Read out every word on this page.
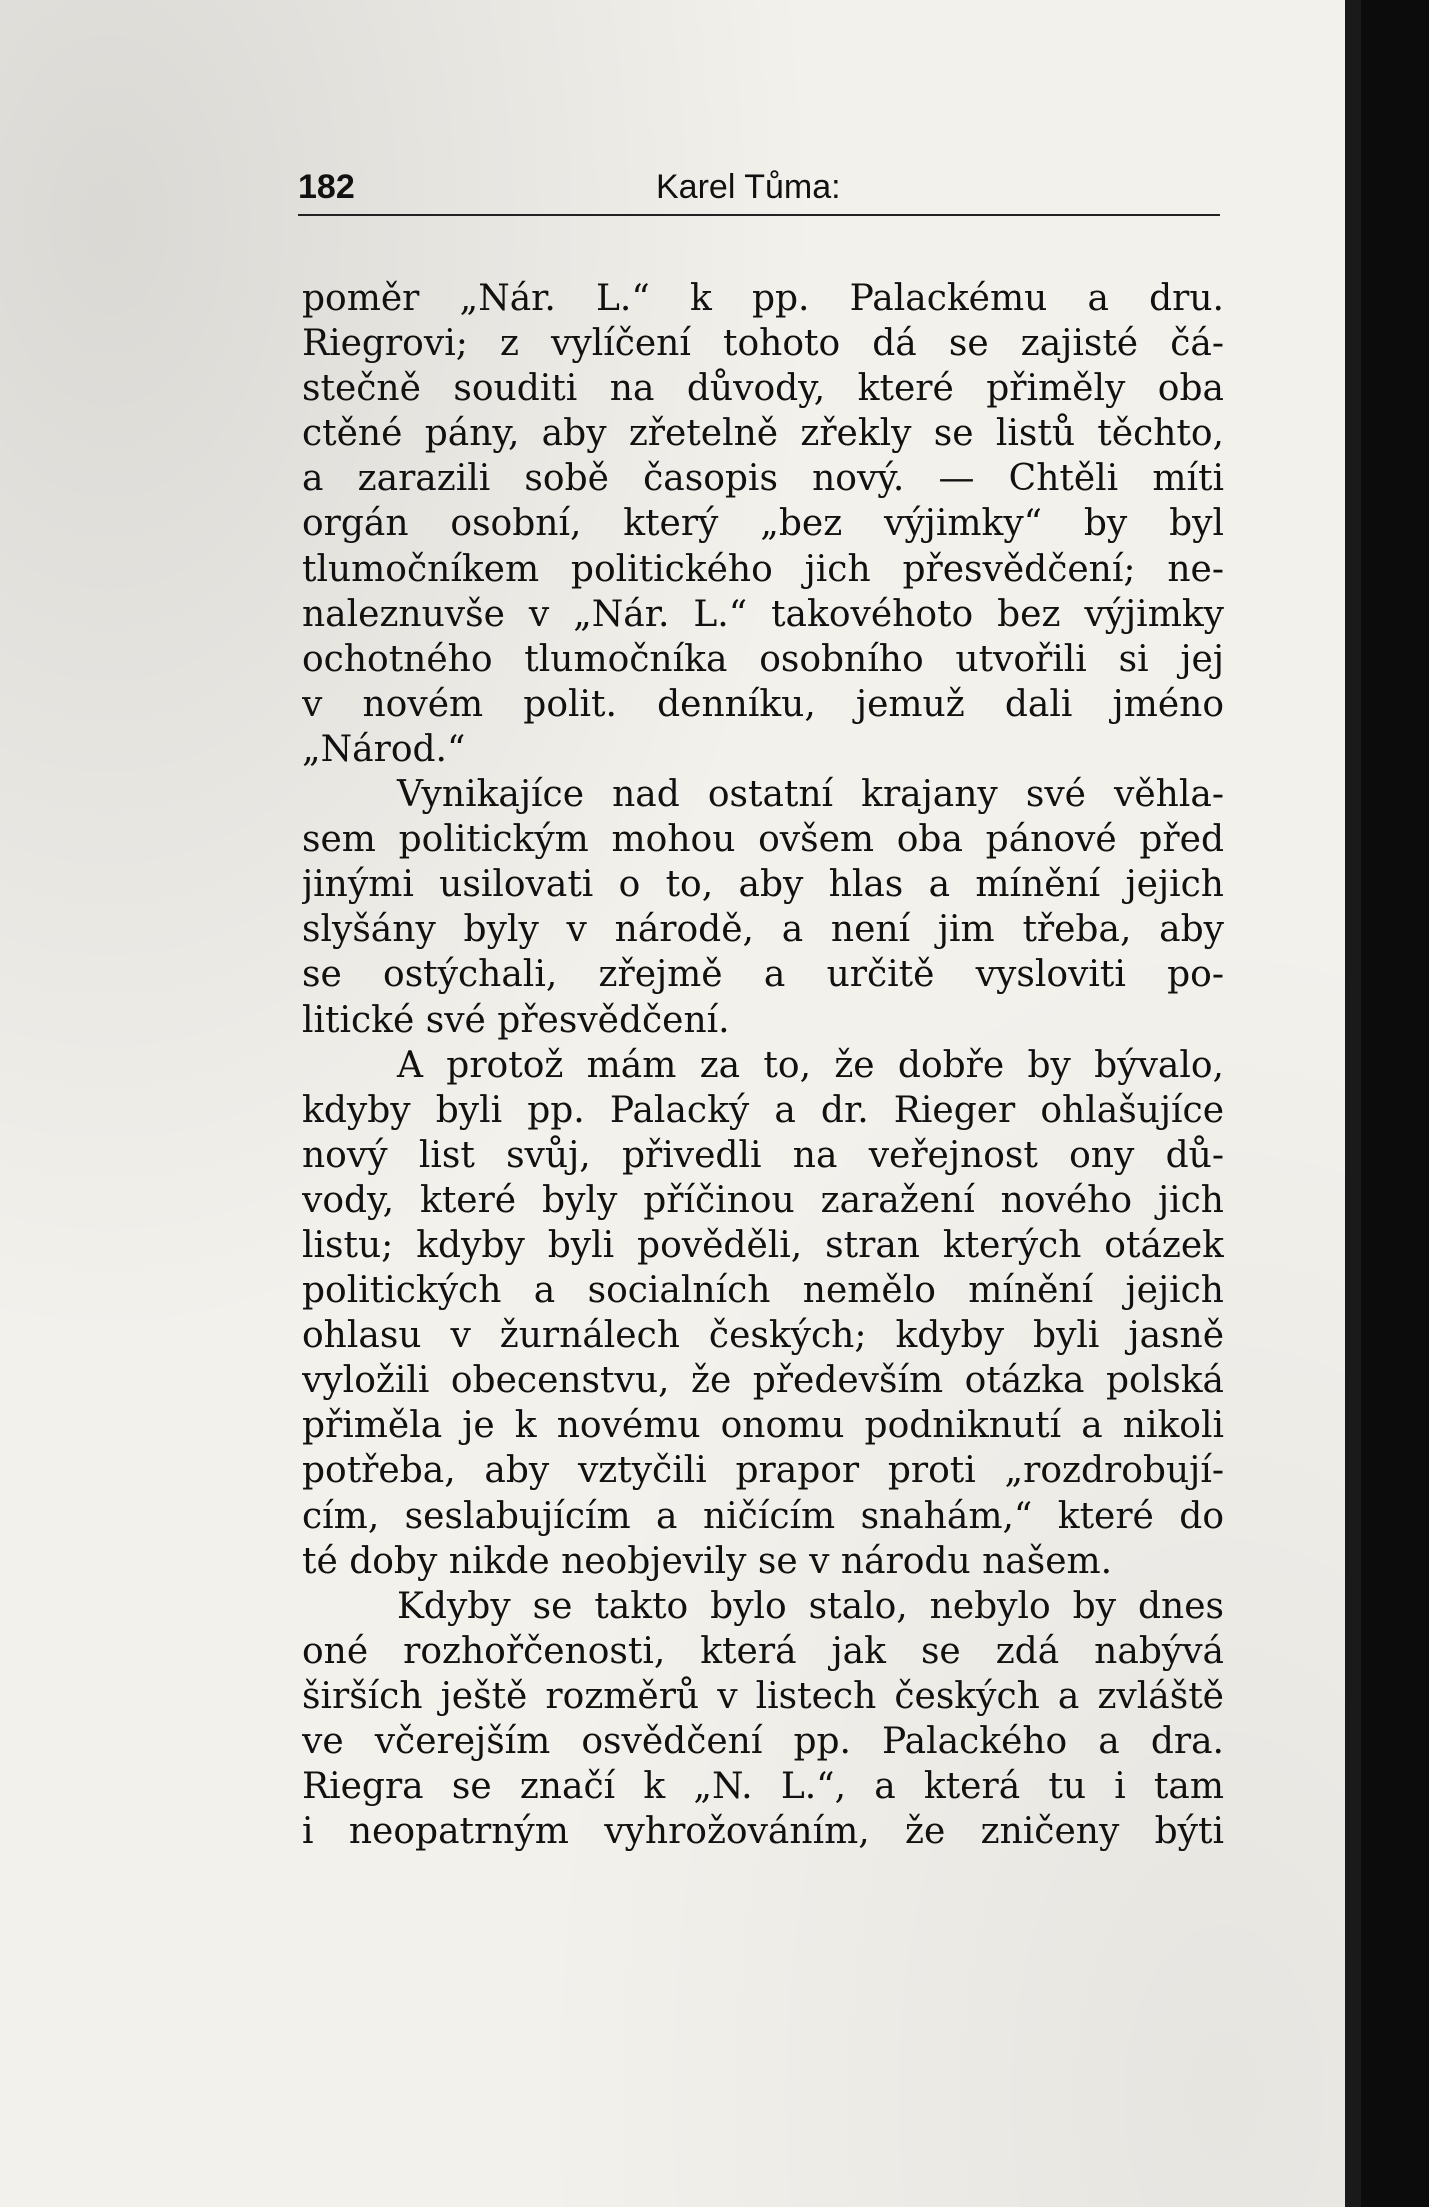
182	Karel Tůma:
poměr „Nár. L.“ k pp. Palackému a dru.
Riegrovi; z vylíčení tohoto dá se zajisté čá-
stečně souditi na důvody, které přiměly oba
ctěné pány, aby zřetelně zřekly se listů těchto,
a zarazili sobě časopis nový. — Chtěli míti
orgán osobní, který „bez výjimky“ by byl
tlumočníkem politického jich přesvědčení; ne-
naleznuvše v „Nár. L.“ takovéhoto bez výjimky
ochotného tlumočníka osobního utvořili si jej
v novém polit. denníku, jemuž dali jméno
„Národ.“
Vynikajíce nad ostatní krajany své věhla-
sem politickým mohou ovšem oba pánové před
jinými usilovati o to, aby hlas a mínění jejich
slyšány byly v národě, a není jim třeba, aby
se ostýchali, zřejmě a určitě vysloviti po-
litické své přesvědčení.
A protož mám za to, že dobře by bývalo,
kdyby byli pp. Palacký a dr. Rieger ohlašujíce
nový list svůj, přivedli na veřejnost ony dů-
vody, které byly příčinou zaražení nového jich
listu; kdyby byli pověděli, stran kterých otázek
politických a socialních nemělo mínění jejich
ohlasu v žurnálech českých; kdyby byli jasně
vyložili obecenstvu, že především otázka polská
přiměla je k novému onomu podniknutí a nikoli
potřeba, aby vztyčili prapor proti „rozdrobují-
cím, seslabujícím a ničícím snahám,“ které do
té doby nikde neobjevily se v národu našem.
Kdyby se takto bylo stalo, nebylo by dnes
oné rozhořčenosti, která jak se zdá nabývá
širších ještě rozměrů v listech českých a zvláště
ve včerejším osvědčení pp. Palackého a dra.
Riegra se značí k „N. L.“, a která tu i tam
i neopatrným vyhrožováním, že zničeny býti
